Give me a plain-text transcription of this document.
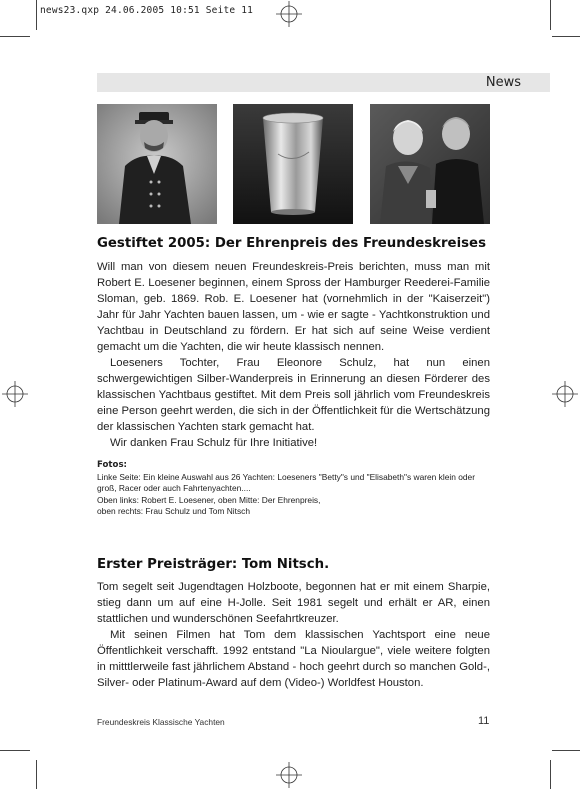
news23.qxp 24.06.2005 10:51 Seite 11
News
Gestiftet 2005: Der Ehrenpreis des Freundeskreises

Will man von diesem neuen Freundeskreis-Preis berichten, muss man mit Robert E. Loesener beginnen, einem Spross der Hamburger Reederei-Familie Sloman, geb. 1869. Rob. E. Loesener hat (vornehmlich in der "Kaiserzeit") Jahr für Jahr Yachten bauen lassen, um - wie er sagte - Yachtkonstruktion und Yachtbau in Deutschland zu fördern. Er hat sich auf seine Weise verdient gemacht um die Yachten, die wir heute klassisch nennen.

Loeseners Tochter, Frau Eleonore Schulz, hat nun einen schwergewichtigen Silber-Wanderpreis in Erinnerung an diesen Förderer des klassischen Yachtbaus gestiftet. Mit dem Preis soll jährlich vom Freundeskreis eine Person geehrt werden, die sich in der Öffentlichkeit für die Wertschätzung der klassischen Yachten stark gemacht hat.

Wir danken Frau Schulz für Ihre Initiative!

Fotos:
Linke Seite: Ein kleine Auswahl aus 26 Yachten: Loeseners "Betty"s und "Elisabeth"s waren klein oder groß, Racer oder auch Fahrtenyachten....
Oben links: Robert E. Loesener, oben Mitte: Der Ehrenpreis,
oben rechts: Frau Schulz und Tom Nitsch
Erster Preisträger: Tom Nitsch.

Tom segelt seit Jugendtagen Holzboote, begonnen hat er mit einem Sharpie, stieg dann um auf eine H-Jolle. Seit 1981 segelt und erhält er AR, einen stattlichen und wunderschönen Seefahrtkreuzer.

Mit seinen Filmen hat Tom dem klassischen Yachtsport eine neue Öffentlichkeit verschafft. 1992 entstand "La Nioulargue", viele weitere folgten in mitttlerweile fast jährlichem Abstand - hoch geehrt durch so manchen Gold-, Silver- oder Platinum-Award auf dem (Video-) Worldfest Houston.

Freundeskreis Klassische Yachten	11
